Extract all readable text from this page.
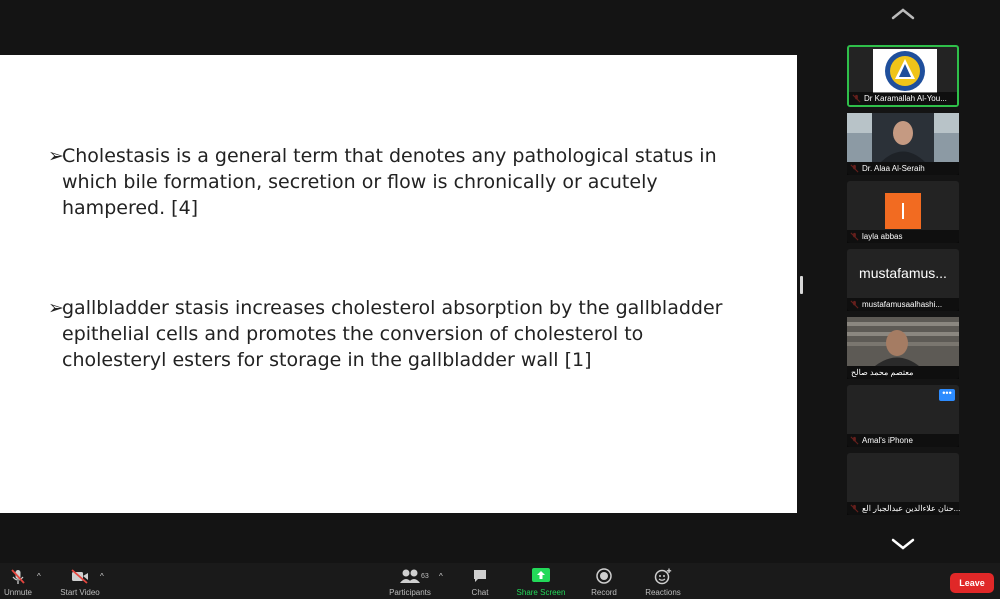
➢
Cholestasis is a general term that denotes any pathological status in which bile formation, secretion or flow is chronically or acutely hampered. [4]
➢
gallbladder stasis increases cholesterol absorption by the gallbladder epithelial cells and promotes the conversion of cholesterol to cholesteryl esters for storage in the gallbladder wall [1]
Dr Karamallah Al-You...
Dr. Alaa Al-Seraih
layla abbas
mustafamus...
mustafamusaalhashi...
معتصم محمد صالح
•••
Amal's iPhone
حنان علاءالدين عبدالجبار الع...
Unmute
^
Start Video
^
Participants
63 ^
Chat	Share Screen	Record	Reactions
Leave
